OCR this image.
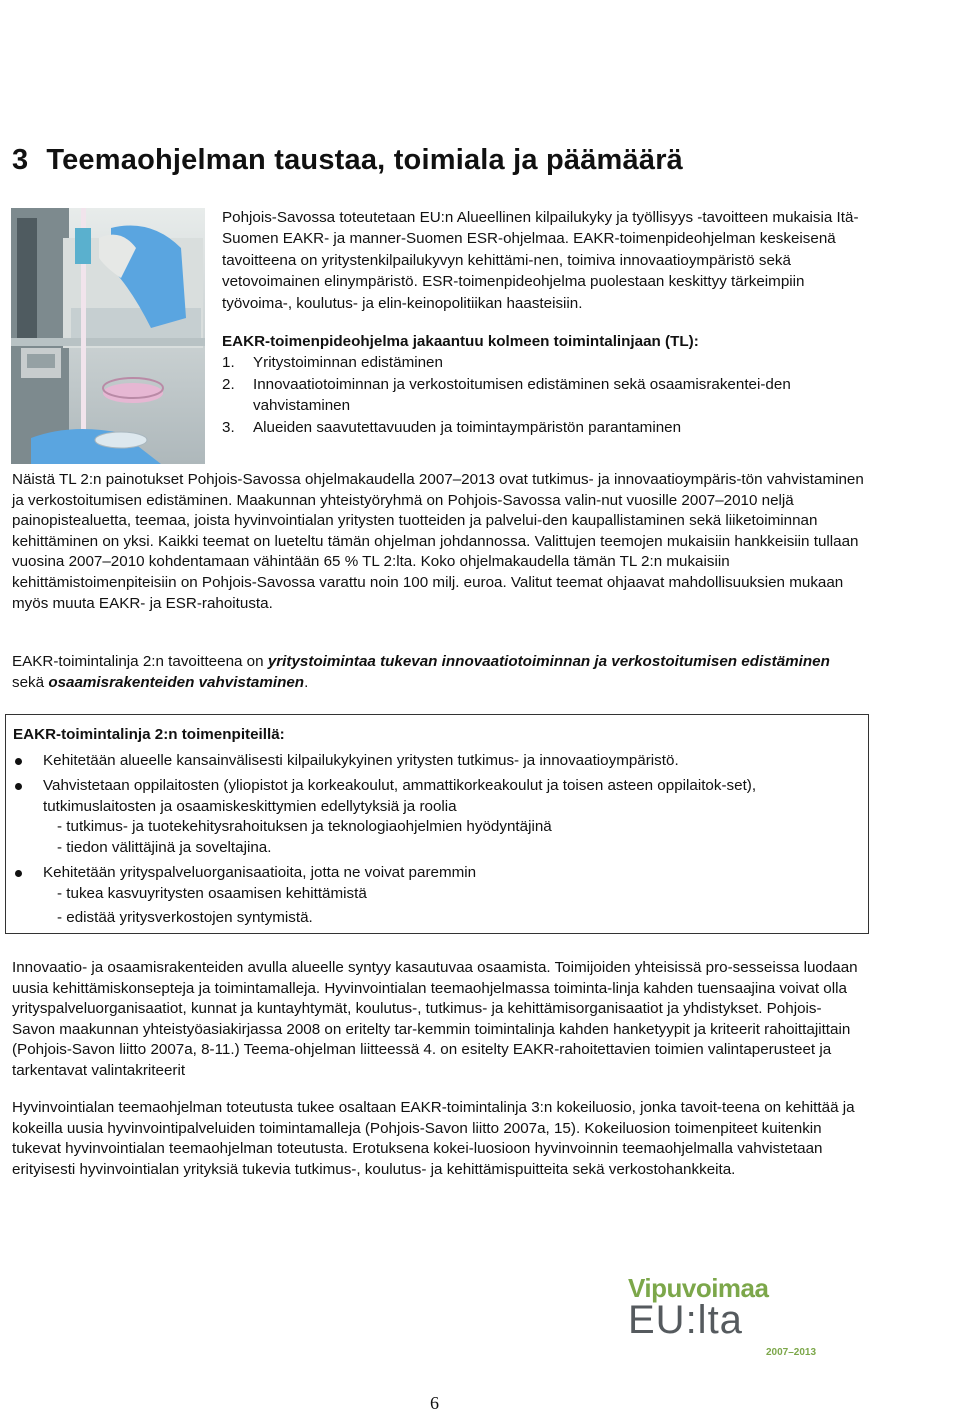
3 Teemaohjelman taustaa, toimiala ja päämäärä

Pohjois-Savossa toteutetaan EU:n Alueellinen kilpailukyky ja työllisyys -tavoitteen mukaisia Itä-Suomen EAKR- ja manner-Suomen ESR-ohjelmaa. EAKR-toimenpideohjelman keskeisenä tavoitteena on yritystenkilpailukyvyn kehittämi-nen, toimiva innovaatioympäristö sekä vetovoimainen elinympäristö. ESR-toimenpideohjelma puolestaan keskittyy tärkeimpiin työvoima-, koulutus- ja elin-keinopolitiikan haasteisiin.

EAKR-toimenpideohjelma jakaantuu kolmeen toimintalinjaan (TL):

1. Yritystoiminnan edistäminen
2. Innovaatiotoiminnan ja verkostoitumisen edistäminen sekä osaamisrakentei-den vahvistaminen
3. Alueiden saavutettavuuden ja toimintaympäristön parantaminen

Näistä TL 2:n painotukset Pohjois-Savossa ohjelmakaudella 2007–2013 ovat tutkimus- ja innovaatioympäris-tön vahvistaminen ja verkostoitumisen edistäminen. Maakunnan yhteistyöryhmä on Pohjois-Savossa valin-nut vuosille 2007–2010 neljä painopistealuetta, teemaa, joista hyvinvointialan yritysten tuotteiden ja palvelui-den kaupallistaminen sekä liiketoiminnan kehittäminen on yksi. Kaikki teemat on lueteltu tämän ohjelman johdannossa. Valittujen teemojen mukaisiin hankkeisiin tullaan vuosina 2007–2010 kohdentamaan vähintään 65 % TL 2:lta. Koko ohjelmakaudella tämän TL 2:n mukaisiin kehittämistoimenpiteisiin on Pohjois-Savossa varattu noin 100 milj. euroa. Valitut teemat ohjaavat mahdollisuuksien mukaan myös muuta EAKR- ja ESR-rahoitusta.

EAKR-toimintalinja 2:n tavoitteena on yritystoimintaa tukevan innovaatiotoiminnan ja verkostoitumisen edistäminen sekä osaamisrakenteiden vahvistaminen.

EAKR-toimintalinja 2:n toimenpiteillä:
Kehitetään alueelle kansainvälisesti kilpailukykyinen yritysten tutkimus- ja innovaatioympäristö.
Vahvistetaan oppilaitosten (yliopistot ja korkeakoulut, ammattikorkeakoulut ja toisen asteen oppilaitok-set), tutkimuslaitosten ja osaamiskeskittymien edellytyksiä ja roolia
- tutkimus- ja tuotekehitysrahoituksen ja teknologiaohjelmien hyödyntäjinä
- tiedon välittäjinä ja soveltajina.
Kehitetään yrityspalveluorganisaatioita, jotta ne voivat paremmin
- tukea kasvuyritysten osaamisen kehittämistä
- edistää yritysverkostojen syntymistä.

Innovaatio- ja osaamisrakenteiden avulla alueelle syntyy kasautuvaa osaamista. Toimijoiden yhteisissä pro-sesseissa luodaan uusia kehittämiskonsepteja ja toimintamalleja. Hyvinvointialan teemaohjelmassa toiminta-linja kahden tuensaajina voivat olla yrityspalveluorganisaatiot, kunnat ja kuntayhtymät, koulutus-, tutkimus- ja kehittämisorganisaatiot ja yhdistykset. Pohjois-Savon maakunnan yhteistyöasiakirjassa 2008 on eritelty tar-kemmin toimintalinja kahden hanketyypit ja kriteerit rahoittajittain (Pohjois-Savon liitto 2007a, 8-11.) Teema-ohjelman liitteessä 4. on esitelty EAKR-rahoitettavien toimien valintaperusteet ja tarkentavat valintakriteerit

Hyvinvointialan teemaohjelman toteutusta tukee osaltaan EAKR-toimintalinja 3:n kokeiluosio, jonka tavoit-teena on kehittää ja kokeilla uusia hyvinvointipalveluiden toimintamalleja (Pohjois-Savon liitto 2007a, 15). Kokeiluosion toimenpiteet kuitenkin tukevat hyvinvointialan teemaohjelman toteutusta. Erotuksena kokei-luosioon hyvinvoinnin teemaohjelmalla vahvistetaan erityisesti hyvinvointialan yrityksiä tukevia tutkimus-, koulutus- ja kehittämispuitteita sekä verkostohankkeita.

Vipuvoimaa
EU:lta
2007–2013
6
